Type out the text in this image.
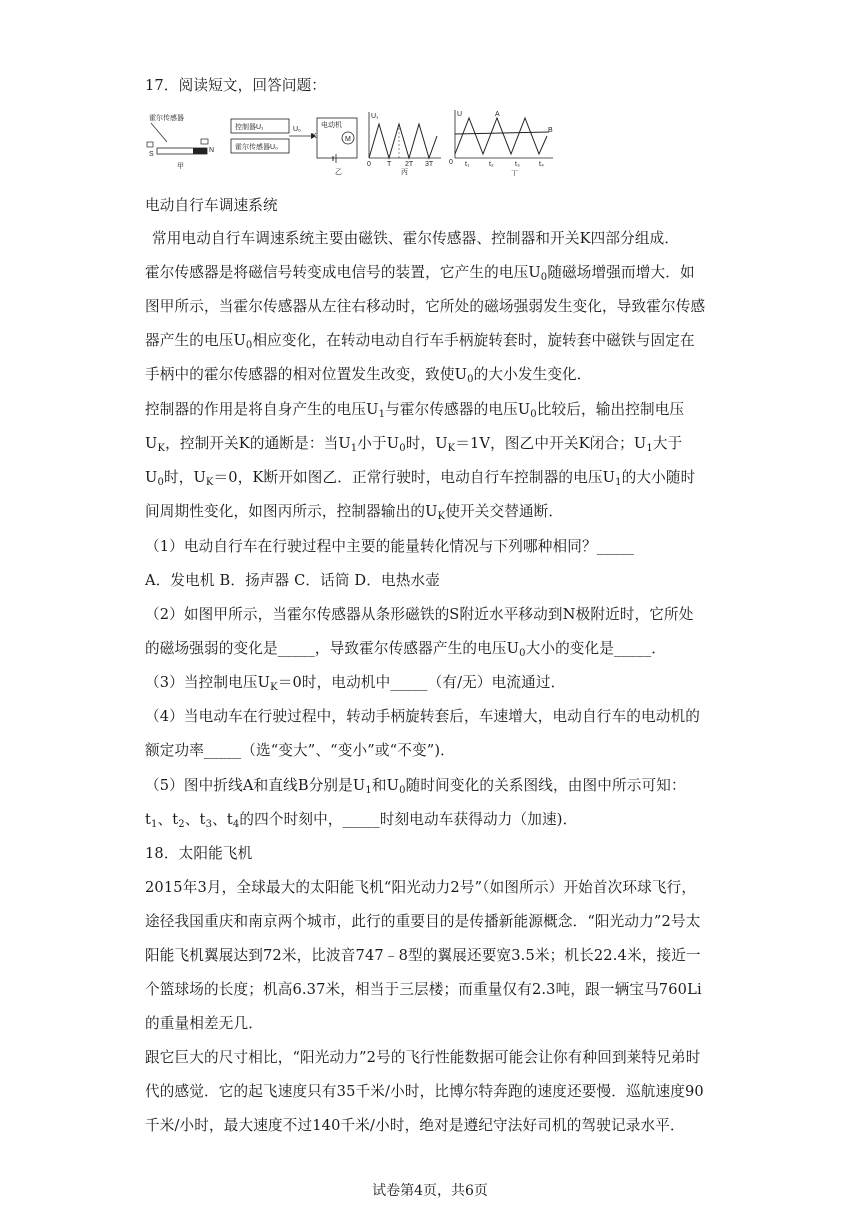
17．阅读短文，回答问题：
霍尔传感器
S
N
甲
控制器U₁
霍尔传感器U₀
U₀
电动机
M
K
乙
U₁
0 T 2T 3T
丙
U	A
B
0 t₁	t₂	t₃	t₄
丁
电动自行车调速系统
常用电动自行车调速系统主要由磁铁、霍尔传感器、控制器和开关K四部分组成．
霍尔传感器是将磁信号转变成电信号的装置，它产生的电压$U_0$随磁场增强而增大．如
图甲所示，当霍尔传感器从左往右移动时，它所处的磁场强弱发生变化，导致霍尔传感
器产生的电压$U_0$相应变化，在转动电动自行车手柄旋转套时，旋转套中磁铁与固定在
手柄中的霍尔传感器的相对位置发生改变，致使$U_0$的大小发生变化．
控制器的作用是将自身产生的电压$U_1$与霍尔传感器的电压$U_0$比较后，输出控制电压
$U_K$，控制开关K的通断是：当$U_1$小于$U_0$时，$U_K=1V$，图乙中开关K闭合；$U_1$大于
$U_0$时，$U_K=0$，K断开如图乙．正常行驶时，电动自行车控制器的电压$U_1$的大小随时
间周期性变化，如图丙所示，控制器输出的$U_K$使开关交替通断．
（1）电动自行车在行驶过程中主要的能量转化情况与下列哪种相同？_____
A．发电机 B．扬声器 C．话筒 D．电热水壶
（2）如图甲所示，当霍尔传感器从条形磁铁的S附近水平移动到N极附近时，它所处
的磁场强弱的变化是_____，导致霍尔传感器产生的电压$U_0$大小的变化是_____．
（3）当控制电压$U_K=0$时，电动机中_____（有/无）电流通过．
（4）当电动车在行驶过程中，转动手柄旋转套后，车速增大，电动自行车的电动机的
额定功率_____（选“变大”、“变小”或“不变”)．
（5）图中折线A和直线B分别是$U_1$和$U_0$随时间变化的关系图线，由图中所示可知：
$t_1$、$t_2$、$t_3$、$t_4$的四个时刻中，_____时刻电动车获得动力（加速)．
18．太阳能飞机
2015年3月，全球最大的太阳能飞机“阳光动力2号”（如图所示）开始首次环球飞行，
途径我国重庆和南京两个城市，此行的重要目的是传播新能源概念．“阳光动力”2号太
阳能飞机翼展达到72米，比波音747﹣8型的翼展还要宽3.5米；机长22.4米，接近一
个篮球场的长度；机高6.37米，相当于三层楼；而重量仅有2.3吨，跟一辆宝马760Li
的重量相差无几．
跟它巨大的尺寸相比，“阳光动力”2号的飞行性能数据可能会让你有种回到莱特兄弟时
代的感觉．它的起飞速度只有35千米/小时，比博尔特奔跑的速度还要慢．巡航速度90
千米/小时，最大速度不过140千米/小时，绝对是遵纪守法好司机的驾驶记录水平．
试卷第4页，共6页
